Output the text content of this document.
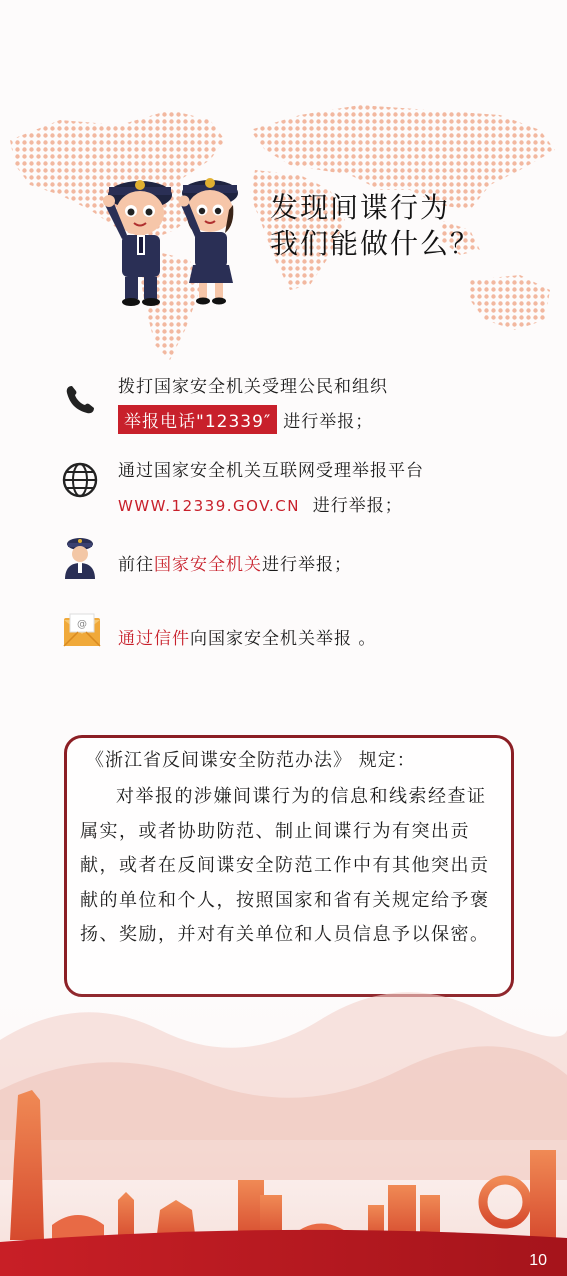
发现间谍行为
我们能做什么？
拨打国家安全机关受理公民和组织
举报电话"12339″ 进行举报；
通过国家安全机关互联网受理举报平台
WWW.12339.GOV.CN 进行举报；
前往国家安全机关进行举报；
@
通过信件向国家安全机关举报 。
《浙江省反间谍安全防范办法》 规定：
对举报的涉嫌间谍行为的信息和线索经查证属实，或者协助防范、制止间谍行为有突出贡献，或者在反间谍安全防范工作中有其他突出贡献的单位和个人，按照国家和省有关规定给予褒扬、奖励，并对有关单位和人员信息予以保密。
10
